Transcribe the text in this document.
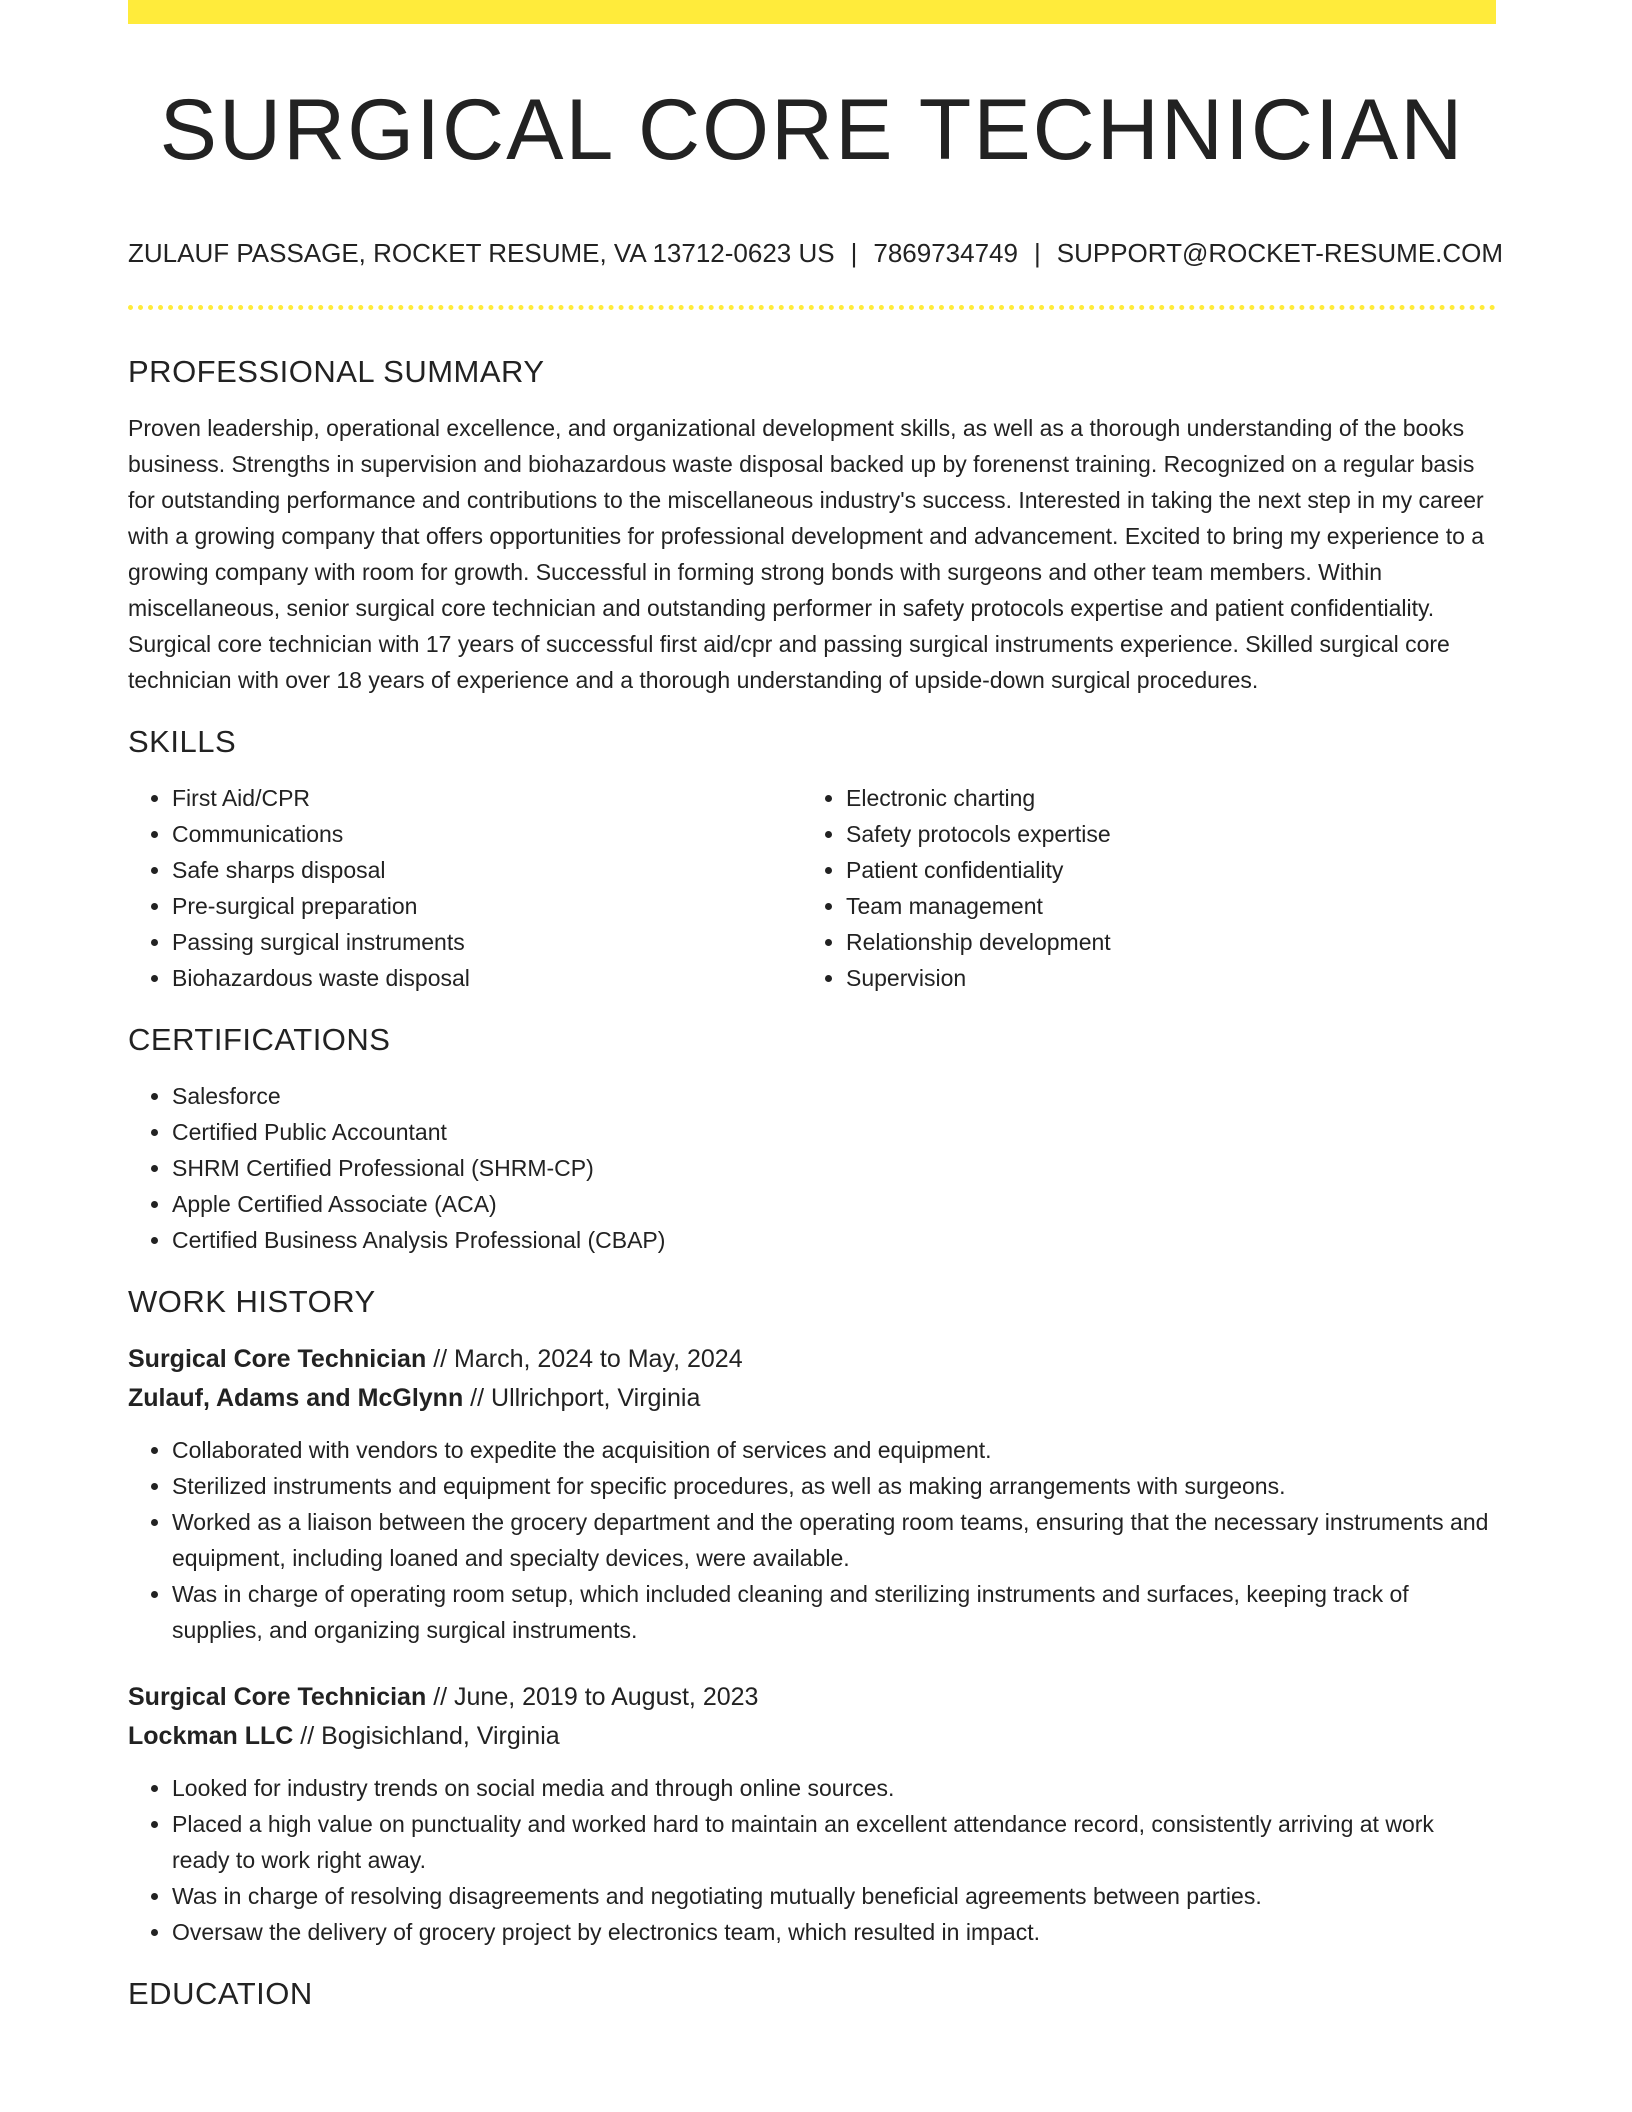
SURGICAL CORE TECHNICIAN
ZULAUF PASSAGE, ROCKET RESUME, VA 13712-0623 US | 7869734749 | SUPPORT@ROCKET-RESUME.COM
PROFESSIONAL SUMMARY

Proven leadership, operational excellence, and organizational development skills, as well as a thorough understanding of the books business. Strengths in supervision and biohazardous waste disposal backed up by forenenst training. Recognized on a regular basis for outstanding performance and contributions to the miscellaneous industry's success. Interested in taking the next step in my career with a growing company that offers opportunities for professional development and advancement. Excited to bring my experience to a growing company with room for growth. Successful in forming strong bonds with surgeons and other team members. Within miscellaneous, senior surgical core technician and outstanding performer in safety protocols expertise and patient confidentiality. Surgical core technician with 17 years of successful first aid/cpr and passing surgical instruments experience. Skilled surgical core technician with over 18 years of experience and a thorough understanding of upside-down surgical procedures.

SKILLS
• First Aid/CPR
• Communications
• Safe sharps disposal
• Pre-surgical preparation
• Passing surgical instruments
• Biohazardous waste disposal
• Electronic charting
• Safety protocols expertise
• Patient confidentiality
• Team management
• Relationship development
• Supervision
CERTIFICATIONS
• Salesforce
• Certified Public Accountant
• SHRM Certified Professional (SHRM-CP)
• Apple Certified Associate (ACA)
• Certified Business Analysis Professional (CBAP)
WORK HISTORY
Surgical Core Technician // March, 2024 to May, 2024
Zulauf, Adams and McGlynn // Ullrichport, Virginia
• Collaborated with vendors to expedite the acquisition of services and equipment.
• Sterilized instruments and equipment for specific procedures, as well as making arrangements with surgeons.
• Worked as a liaison between the grocery department and the operating room teams, ensuring that the necessary instruments and equipment, including loaned and specialty devices, were available.
• Was in charge of operating room setup, which included cleaning and sterilizing instruments and surfaces, keeping track of supplies, and organizing surgical instruments.
Surgical Core Technician // June, 2019 to August, 2023
Lockman LLC // Bogisichland, Virginia
• Looked for industry trends on social media and through online sources.
• Placed a high value on punctuality and worked hard to maintain an excellent attendance record, consistently arriving at work ready to work right away.
• Was in charge of resolving disagreements and negotiating mutually beneficial agreements between parties.
• Oversaw the delivery of grocery project by electronics team, which resulted in impact.
EDUCATION
